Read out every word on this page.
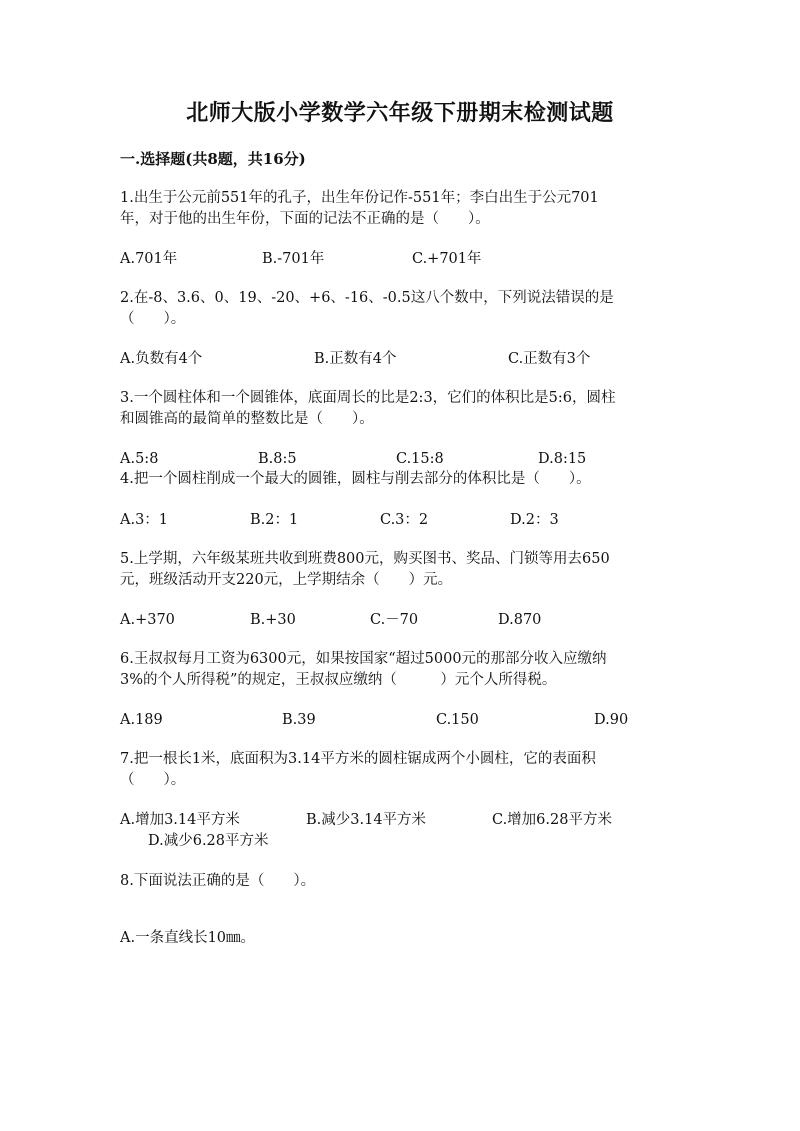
北师大版小学数学六年级下册期末检测试题
一.选择题(共8题，共16分)
1.出生于公元前551年的孔子，出生年份记作-551年；李白出生于公元701
年，对于他的出生年份，下面的记法不正确的是（　　）。
A.701年	B.-701年	C.+701年
2.在-8、3.6、0、19、-20、+6、-16、-0.5这八个数中，下列说法错误的是
（　　）。
A.负数有4个	B.正数有4个	C.正数有3个
3.一个圆柱体和一个圆锥体，底面周长的比是2:3，它们的体积比是5:6，圆柱
和圆锥高的最简单的整数比是（　　）。
A.5:8	B.8:5	C.15:8	D.8:15
4.把一个圆柱削成一个最大的圆锥，圆柱与削去部分的体积比是（　　）。
A.3：1	B.2：1	C.3：2	D.2：3
5.上学期，六年级某班共收到班费800元，购买图书、奖品、门锁等用去650
元，班级活动开支220元，上学期结余（　　）元。
A.+370	B.+30	C.－70	D.870
6.王叔叔每月工资为6300元，如果按国家“超过5000元的那部分收入应缴纳
3%的个人所得税”的规定，王叔叔应缴纳（　　　）元个人所得税。
A.189	B.39	C.150	D.90
7.把一根长1米，底面积为3.14平方米的圆柱锯成两个小圆柱，它的表面积
（　　）。
A.增加3.14平方米	B.减少3.14平方米	C.增加6.28平方米
D.减少6.28平方米
8.下面说法正确的是（　　）。
A.一条直线长10㎜。
